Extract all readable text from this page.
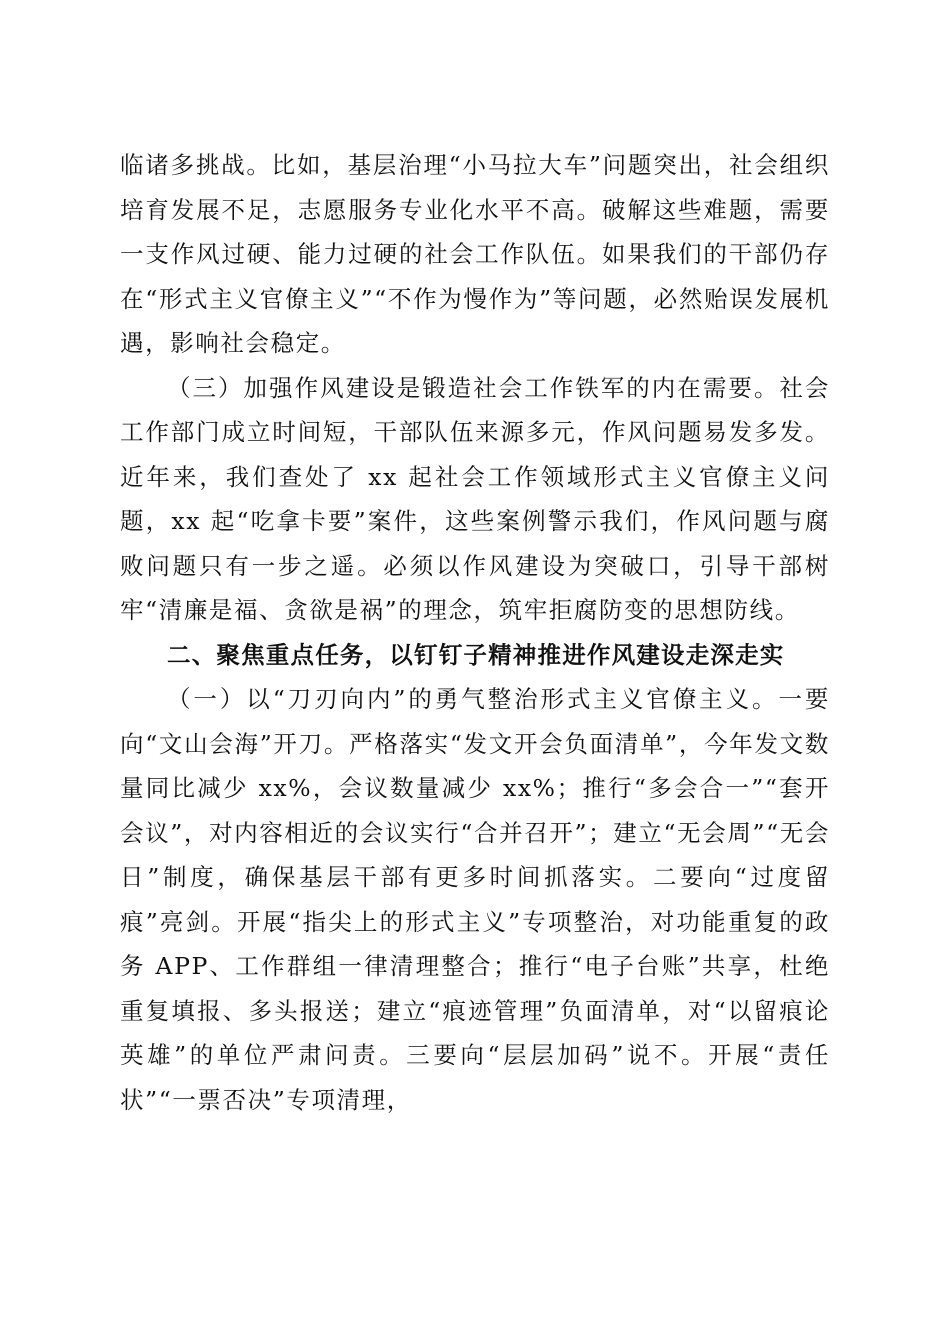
临诸多挑战。比如，基层治理“小马拉大车”问题突出，社会组织培育发展不足，志愿服务专业化水平不高。破解这些难题，需要一支作风过硬、能力过硬的社会工作队伍。如果我们的干部仍存在“形式主义官僚主义”“不作为慢作为”等问题，必然贻误发展机遇，影响社会稳定。

（三）加强作风建设是锻造社会工作铁军的内在需要。社会工作部门成立时间短，干部队伍来源多元，作风问题易发多发。近年来，我们查处了 xx 起社会工作领域形式主义官僚主义问题，xx 起“吃拿卡要”案件，这些案例警示我们，作风问题与腐败问题只有一步之遥。必须以作风建设为突破口，引导干部树牢“清廉是福、贪欲是祸”的理念，筑牢拒腐防变的思想防线。

二、聚焦重点任务，以钉钉子精神推进作风建设走深走实

（一）以“刀刃向内”的勇气整治形式主义官僚主义。一要向“文山会海”开刀。严格落实“发文开会负面清单”，今年发文数量同比减少 xx%，会议数量减少 xx%；推行“多会合一”“套开会议”，对内容相近的会议实行“合并召开”；建立“无会周”“无会日”制度，确保基层干部有更多时间抓落实。二要向“过度留痕”亮剑。开展“指尖上的形式主义”专项整治，对功能重复的政务 APP、工作群组一律清理整合；推行“电子台账”共享，杜绝重复填报、多头报送；建立“痕迹管理”负面清单，对“以留痕论英雄”的单位严肃问责。三要向“层层加码”说不。开展“责任状”“一票否决”专项清理，
